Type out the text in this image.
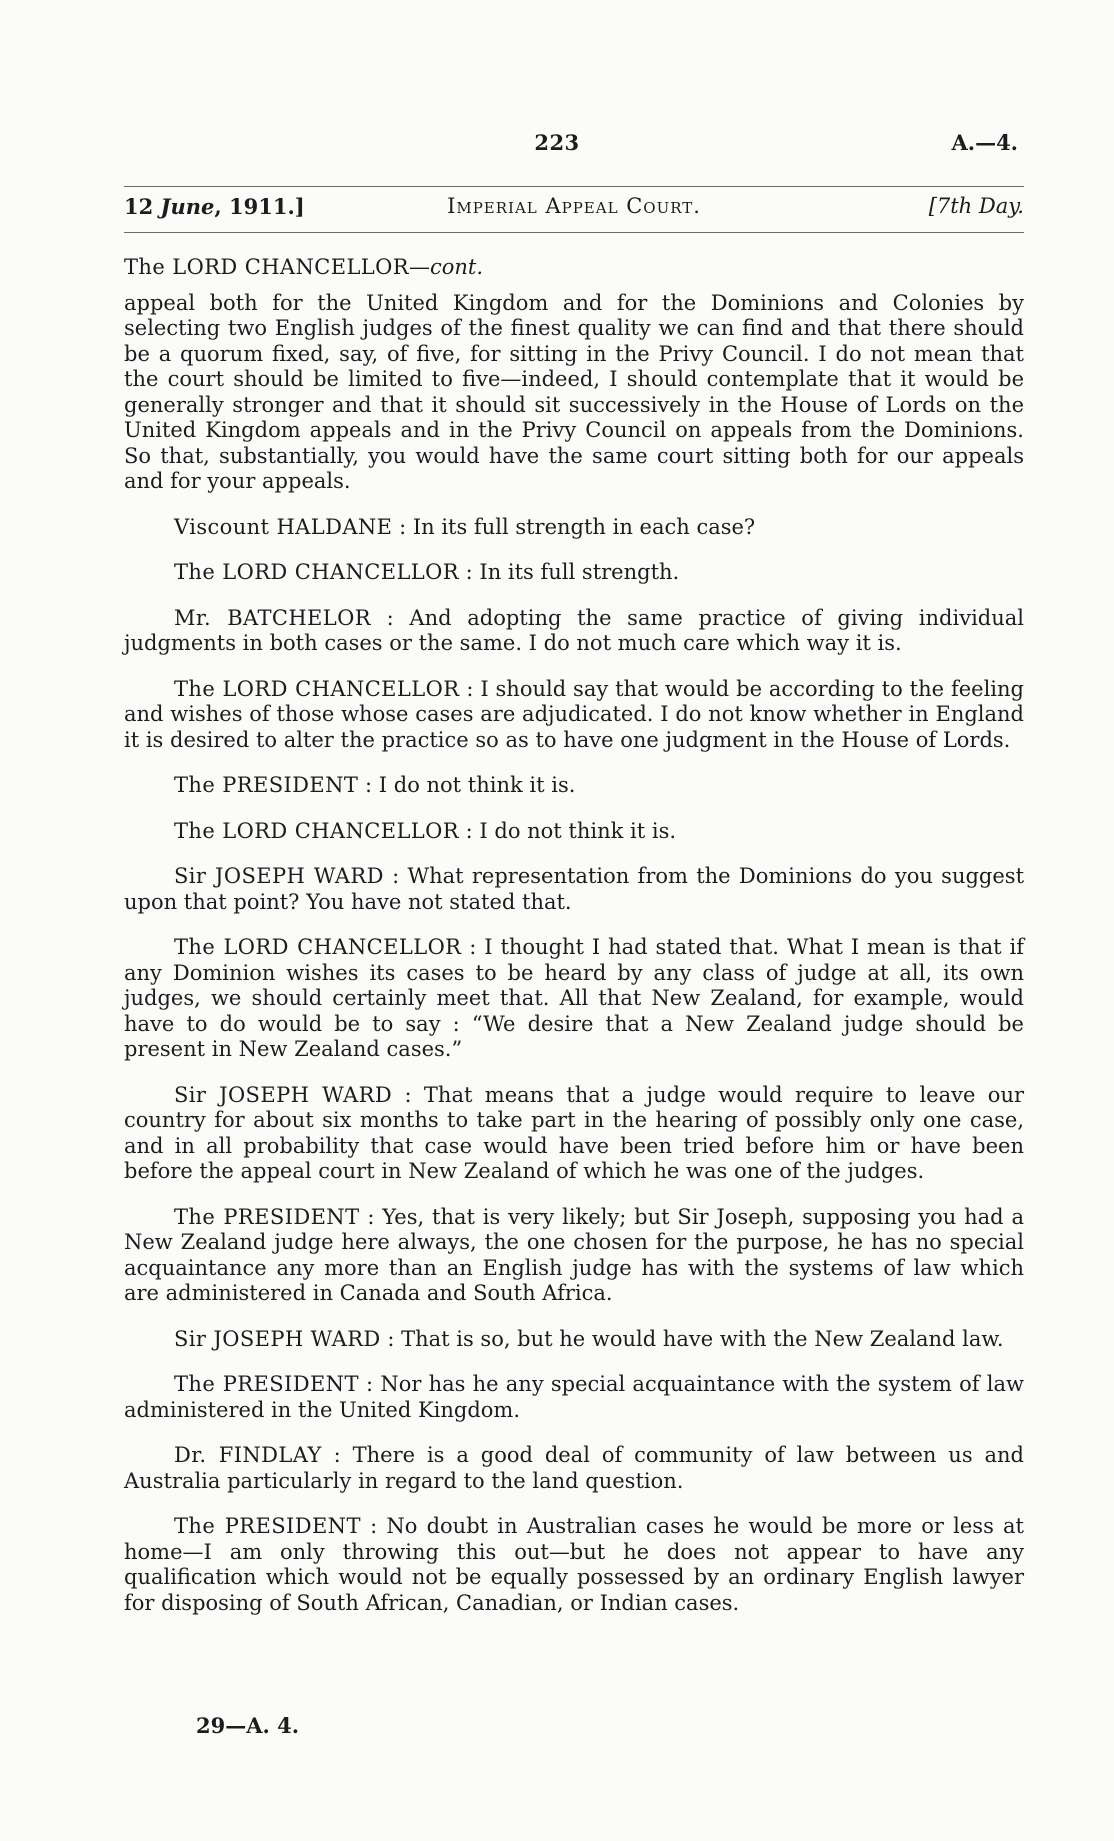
223	A.—4.
12 June, 1911.]	Imperial Appeal Court.	[7th Day.

The LORD CHANCELLOR—cont.

appeal both for the United Kingdom and for the Dominions and Colonies by selecting two English judges of the finest quality we can find and that there should be a quorum fixed, say, of five, for sitting in the Privy Council. I do not mean that the court should be limited to five—indeed, I should contemplate that it would be generally stronger and that it should sit successively in the House of Lords on the United Kingdom appeals and in the Privy Council on appeals from the Dominions. So that, substantially, you would have the same court sitting both for our appeals and for your appeals.

Viscount HALDANE : In its full strength in each case?

The LORD CHANCELLOR : In its full strength.

Mr. BATCHELOR : And adopting the same practice of giving individual judgments in both cases or the same. I do not much care which way it is.

The LORD CHANCELLOR : I should say that would be according to the feeling and wishes of those whose cases are adjudicated. I do not know whether in England it is desired to alter the practice so as to have one judgment in the House of Lords.

The PRESIDENT : I do not think it is.

The LORD CHANCELLOR : I do not think it is.

Sir JOSEPH WARD : What representation from the Dominions do you suggest upon that point? You have not stated that.

The LORD CHANCELLOR : I thought I had stated that. What I mean is that if any Dominion wishes its cases to be heard by any class of judge at all, its own judges, we should certainly meet that. All that New Zealand, for example, would have to do would be to say : “We desire that a New Zealand judge should be present in New Zealand cases.”

Sir JOSEPH WARD : That means that a judge would require to leave our country for about six months to take part in the hearing of possibly only one case, and in all probability that case would have been tried before him or have been before the appeal court in New Zealand of which he was one of the judges.

The PRESIDENT : Yes, that is very likely; but Sir Joseph, supposing you had a New Zealand judge here always, the one chosen for the purpose, he has no special acquaintance any more than an English judge has with the systems of law which are administered in Canada and South Africa.

Sir JOSEPH WARD : That is so, but he would have with the New Zealand law.

The PRESIDENT : Nor has he any special acquaintance with the system of law administered in the United Kingdom.

Dr. FINDLAY : There is a good deal of community of law between us and Australia particularly in regard to the land question.

The PRESIDENT : No doubt in Australian cases he would be more or less at home—I am only throwing this out—but he does not appear to have any qualification which would not be equally possessed by an ordinary English lawyer for disposing of South African, Canadian, or Indian cases.

29—A. 4.
